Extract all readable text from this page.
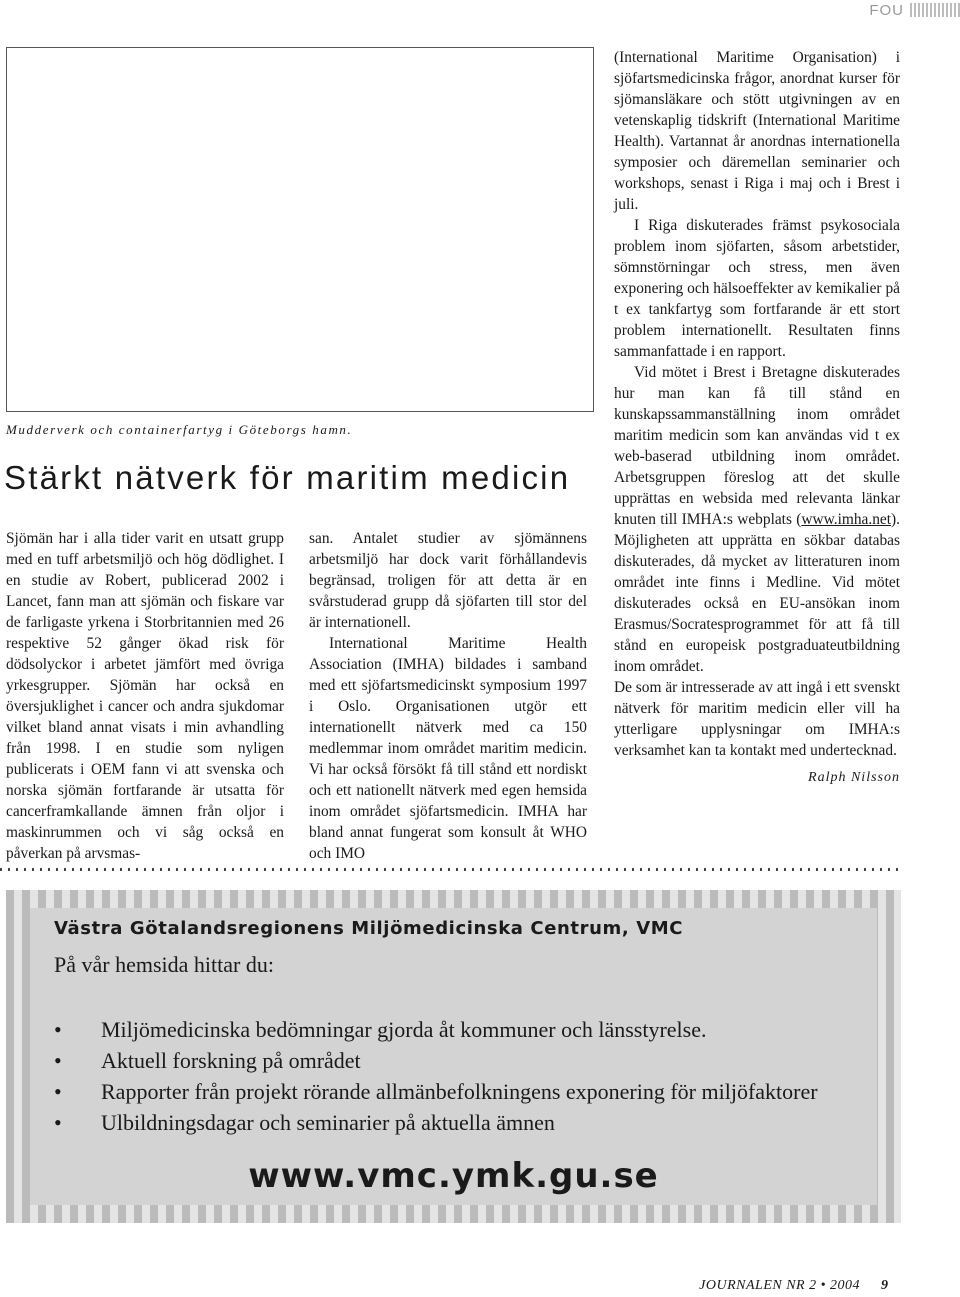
FOU
Mudderverk och containerfartyg i Göteborgs hamn.
Stärkt nätverk för maritim medicin

Sjömän har i alla tider varit en utsatt grupp med en tuff arbetsmiljö och hög dödlighet. I en studie av Robert, publicerad 2002 i Lancet, fann man att sjömän och fiskare var de farligaste yrkena i Storbritannien med 26 respektive 52 gånger ökad risk för dödsolyckor i arbetet jämfört med övriga yrkesgrupper. Sjömän har också en översjuklighet i cancer och andra sjukdomar vilket bland annat visats i min avhandling från 1998. I en studie som nyligen publicerats i OEM fann vi att svenska och norska sjömän fortfarande är utsatta för cancerframkallande ämnen från oljor i maskinrummen och vi såg också en påverkan på arvsmas-

san. Antalet studier av sjömännens arbetsmiljö har dock varit förhållandevis begränsad, troligen för att detta är en svårstuderad grupp då sjöfarten till stor del är internationell.

International Maritime Health Association (IMHA) bildades i samband med ett sjöfartsmedicinskt symposium 1997 i Oslo. Organisationen utgör ett internationellt nätverk med ca 150 medlemmar inom området maritim medicin. Vi har också försökt få till stånd ett nordiskt och ett nationellt nätverk med egen hemsida inom området sjöfartsmedicin. IMHA har bland annat fungerat som konsult åt WHO och IMO

(International Maritime Organisation) i sjöfartsmedicinska frågor, anordnat kurser för sjömansläkare och stött utgivningen av en vetenskaplig tidskrift (International Maritime Health). Vartannat år anordnas internationella symposier och däremellan seminarier och workshops, senast i Riga i maj och i Brest i juli.

I Riga diskuterades främst psykosociala problem inom sjöfarten, såsom arbetstider, sömnstörningar och stress, men även exponering och hälsoeffekter av kemikalier på t ex tankfartyg som fortfarande är ett stort problem internationellt. Resultaten finns sammanfattade i en rapport.

Vid mötet i Brest i Bretagne diskuterades hur man kan få till stånd en kunskapssammanställning inom området maritim medicin som kan användas vid t ex web-baserad utbildning inom området. Arbetsgruppen föreslog att det skulle upprättas en websida med relevanta länkar knuten till IMHA:s webplats (www.imha.net). Möjligheten att upprätta en sökbar databas diskuterades, då mycket av litteraturen inom området inte finns i Medline. Vid mötet diskuterades också en EU-ansökan inom Erasmus/Socratesprogrammet för att få till stånd en europeisk postgraduateutbildning inom området.

De som är intresserade av att ingå i ett svenskt nätverk för maritim medicin eller vill ha ytterligare upplysningar om IMHA:s verksamhet kan ta kontakt med undertecknad.

Ralph Nilsson

Västra Götalandsregionens Miljömedicinska Centrum, VMC
På vår hemsida hittar du:
• Miljömedicinska bedömningar gjorda åt kommuner och länsstyrelse.
• Aktuell forskning på området
• Rapporter från projekt rörande allmänbefolkningens exponering för miljöfaktorer
• Ulbildningsdagar och seminarier på aktuella ämnen
www.vmc.ymk.gu.se
JOURNALEN NR 2 • 2004 9
